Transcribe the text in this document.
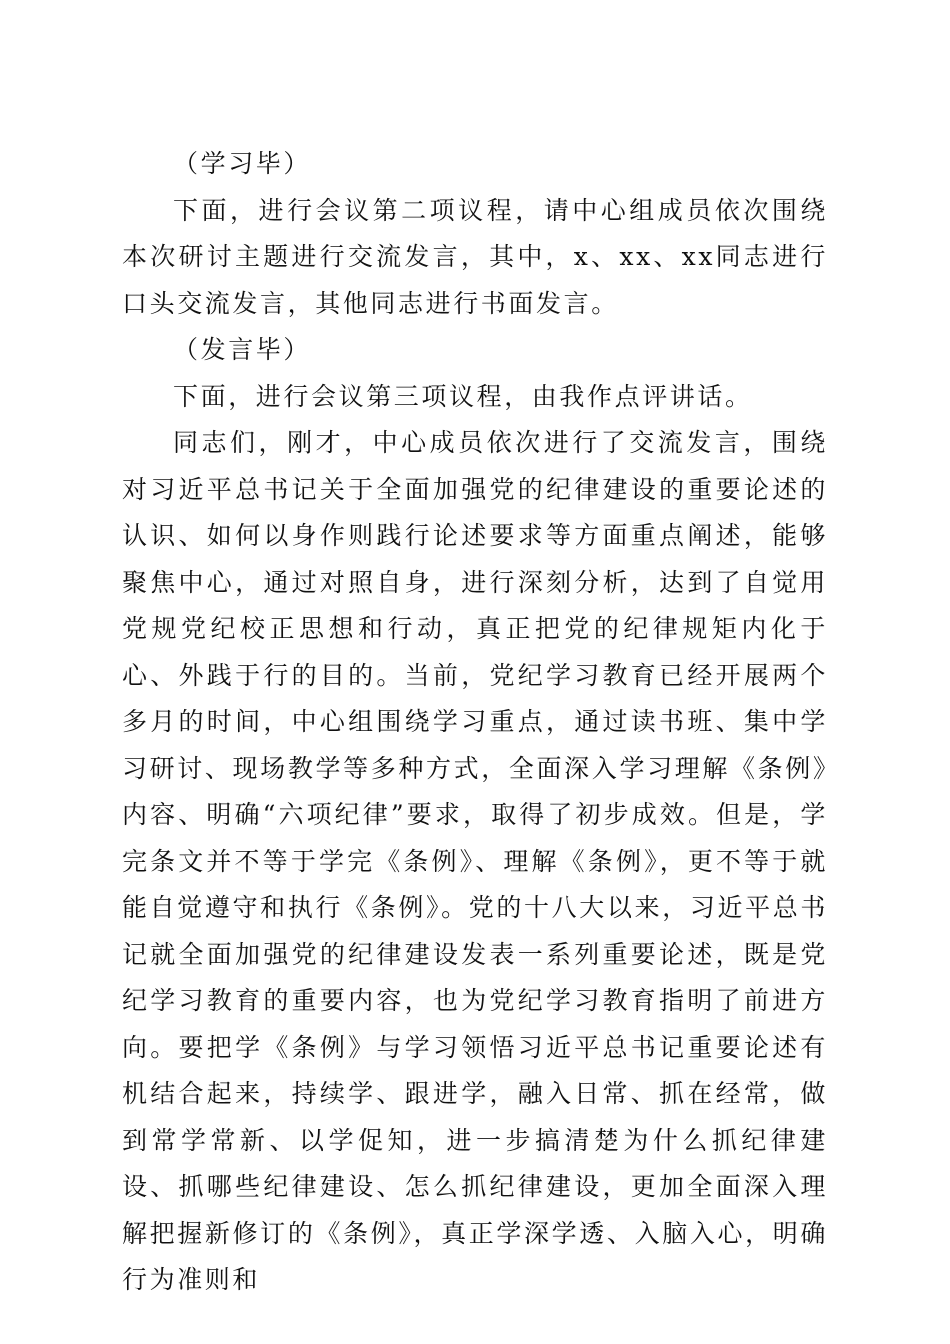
（学习毕）

下面，进行会议第二项议程，请中心组成员依次围绕本次研讨主题进行交流发言，其中，x、xx、xx同志进行口头交流发言，其他同志进行书面发言。

（发言毕）

下面，进行会议第三项议程，由我作点评讲话。

同志们，刚才，中心成员依次进行了交流发言，围绕对习近平总书记关于全面加强党的纪律建设的重要论述的认识、如何以身作则践行论述要求等方面重点阐述，能够聚焦中心，通过对照自身，进行深刻分析，达到了自觉用党规党纪校正思想和行动，真正把党的纪律规矩内化于心、外践于行的目的。当前，党纪学习教育已经开展两个多月的时间，中心组围绕学习重点，通过读书班、集中学习研讨、现场教学等多种方式，全面深入学习理解《条例》内容、明确“六项纪律”要求，取得了初步成效。但是，学完条文并不等于学完《条例》、理解《条例》，更不等于就能自觉遵守和执行《条例》。党的十八大以来，习近平总书记就全面加强党的纪律建设发表一系列重要论述，既是党纪学习教育的重要内容，也为党纪学习教育指明了前进方向。要把学《条例》与学习领悟习近平总书记重要论述有机结合起来，持续学、跟进学，融入日常、抓在经常，做到常学常新、以学促知，进一步搞清楚为什么抓纪律建设、抓哪些纪律建设、怎么抓纪律建设，更加全面深入理解把握新修订的《条例》，真正学深学透、入脑入心，明确行为准则和
